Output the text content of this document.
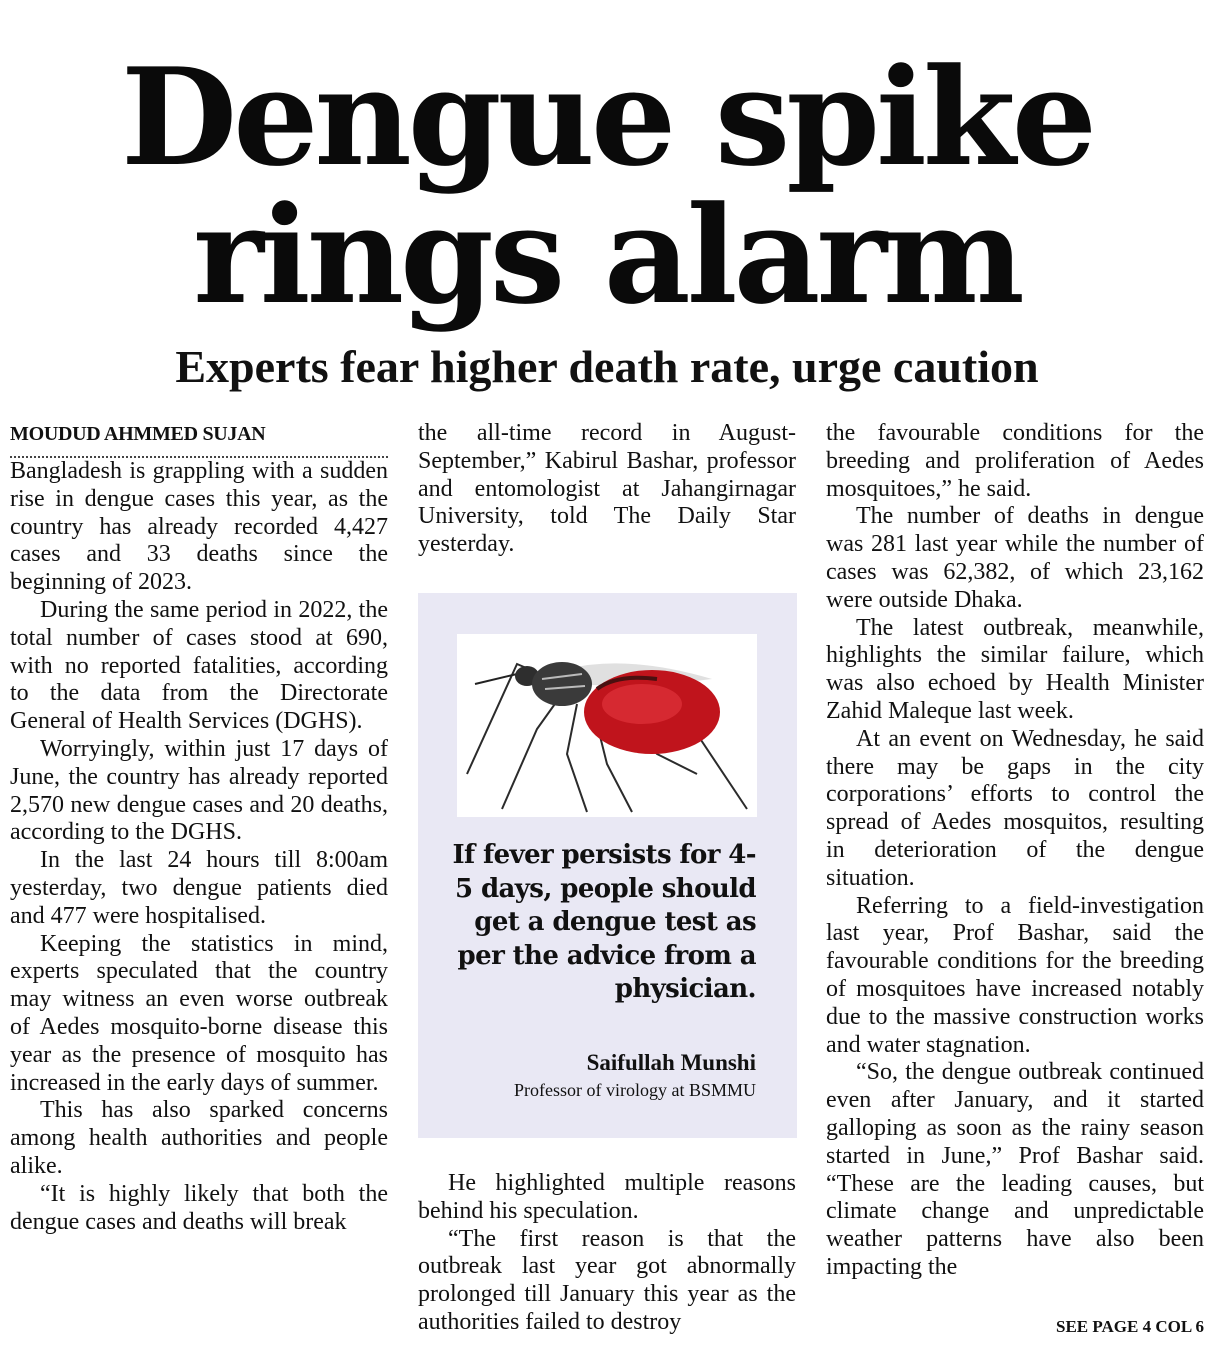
Dengue spike
rings alarm
Experts fear higher death rate, urge caution

MOUDUD AHMMED SUJAN

Bangladesh is grappling with a sudden rise in dengue cases this year, as the country has already recorded 4,427 cases and 33 deaths since the beginning of 2023.

During the same period in 2022, the total number of cases stood at 690, with no reported fatalities, according to the data from the Directorate General of Health Services (DGHS).

Worryingly, within just 17 days of June, the country has already reported 2,570 new dengue cases and 20 deaths, according to the DGHS.

In the last 24 hours till 8:00am yesterday, two dengue patients died and 477 were hospitalised.

Keeping the statistics in mind, experts speculated that the country may witness an even worse outbreak of Aedes mosquito-borne disease this year as the presence of mosquito has increased in the early days of summer.

This has also sparked concerns among health authorities and people alike.

“It is highly likely that both the dengue cases and deaths will break

the all-time record in August-September,” Kabirul Bashar, professor and entomologist at Jahangirnagar University, told The Daily Star yesterday.

If fever persists for 4-5 days, people should get a dengue test as per the advice from a physician.

Saifullah Munshi

Professor of virology at BSMMU

He highlighted multiple reasons behind his speculation.

“The first reason is that the outbreak last year got abnormally prolonged till January this year as the authorities failed to destroy

the favourable conditions for the breeding and proliferation of Aedes mosquitoes,” he said.

The number of deaths in dengue was 281 last year while the number of cases was 62,382, of which 23,162 were outside Dhaka.

The latest outbreak, meanwhile, highlights the similar failure, which was also echoed by Health Minister Zahid Maleque last week.

At an event on Wednesday, he said there may be gaps in the city corporations’ efforts to control the spread of Aedes mosquitos, resulting in deterioration of the dengue situation.

Referring to a field-investigation last year, Prof Bashar, said the favourable conditions for the breeding of mosquitoes have increased notably due to the massive construction works and water stagnation.

“So, the dengue outbreak continued even after January, and it started galloping as soon as the rainy season started in June,” Prof Bashar said. “These are the leading causes, but climate change and unpredictable weather patterns have also been impacting the

SEE PAGE 4 COL 6
